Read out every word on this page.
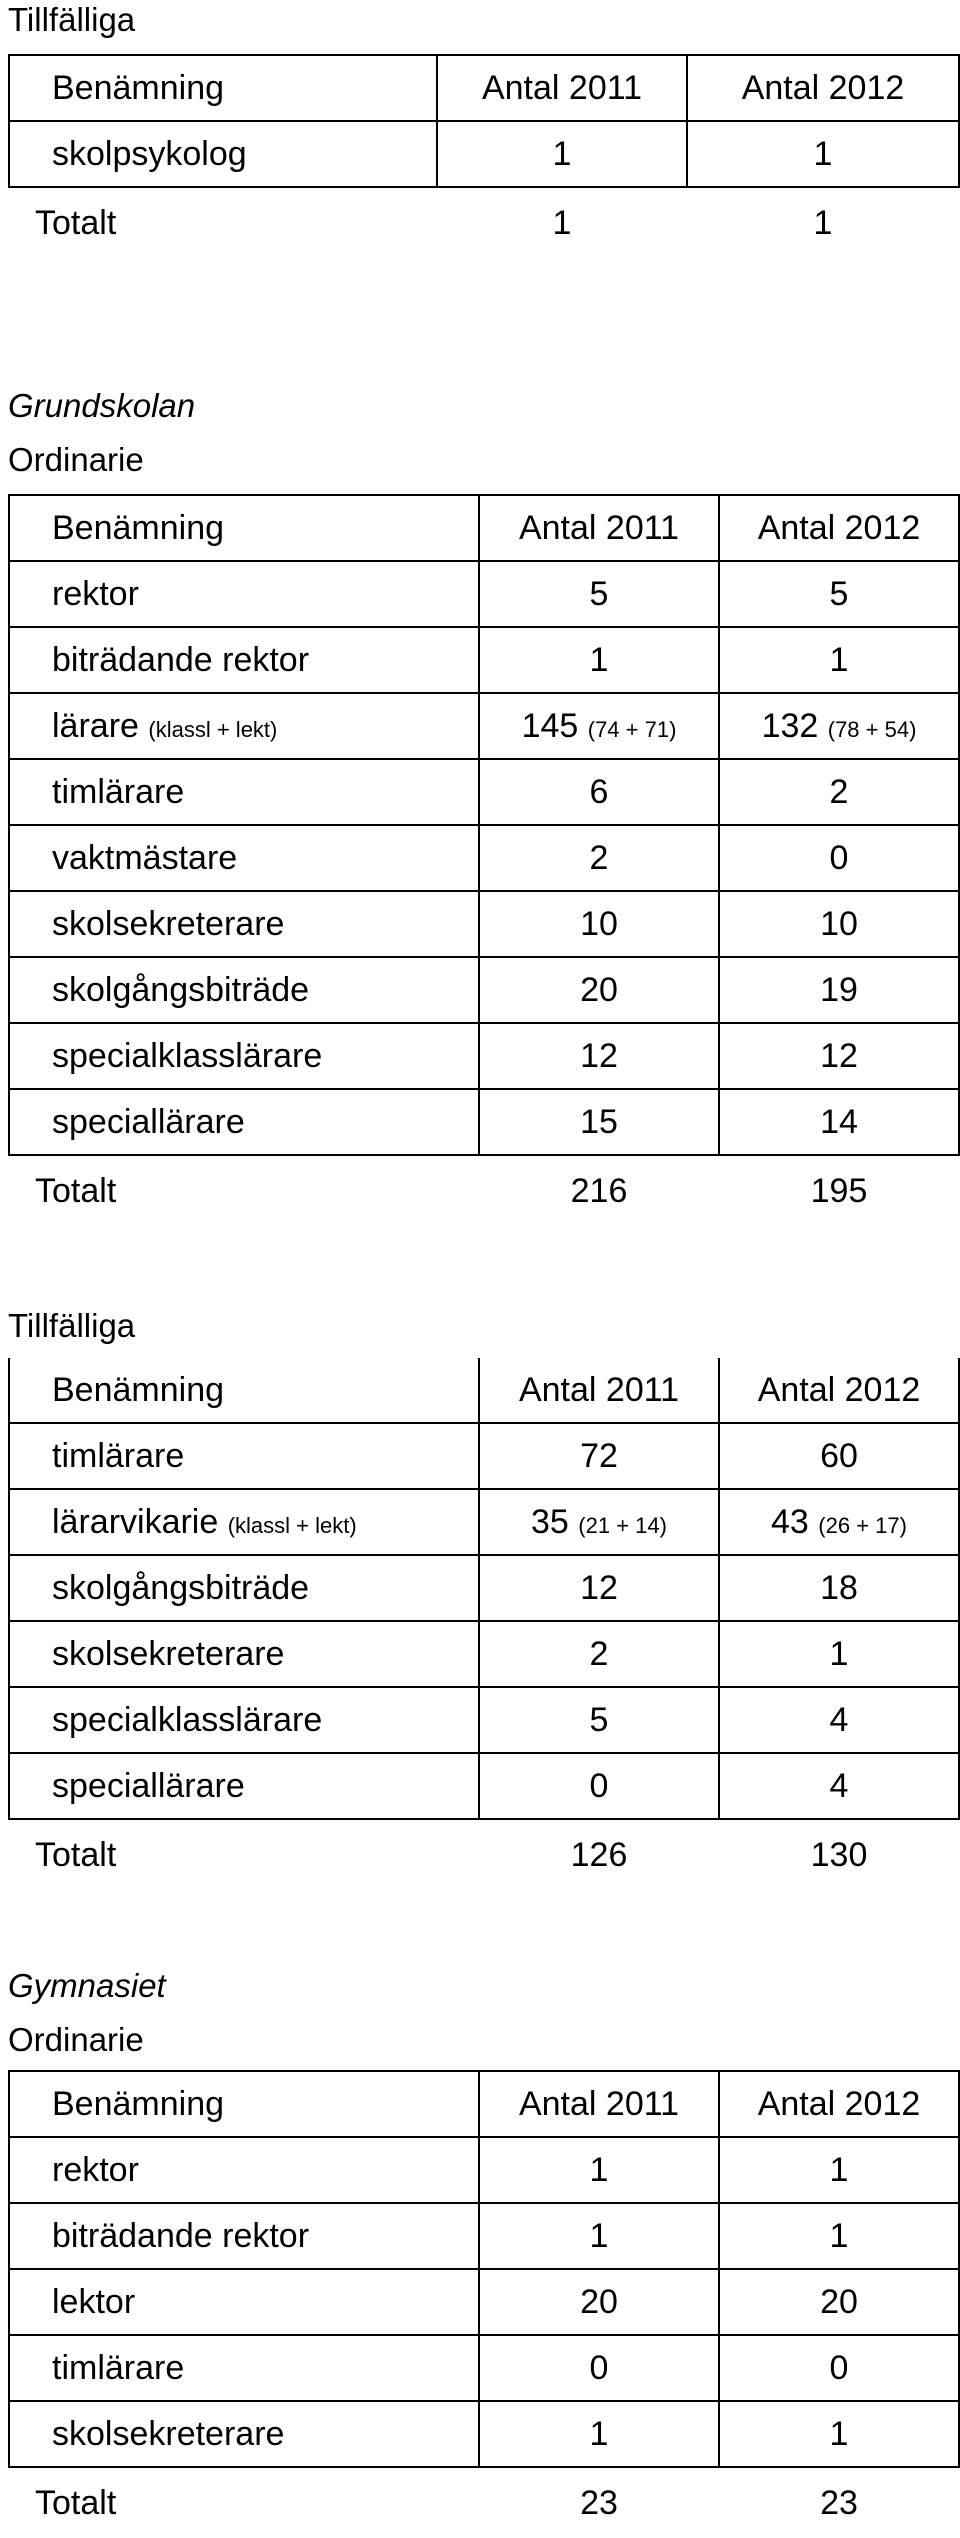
Tillfälliga
Benämning	Antal 2011	Antal 2012
skolpsykolog	1	1
Totalt	1	1
Grundskolan
Ordinarie
Benämning	Antal 2011	Antal 2012
rektor	5	5
biträdande rektor	1	1
lärare (klassl + lekt)	145 (74 + 71)	132 (78 + 54)
timlärare	6	2
vaktmästare	2	0
skolsekreterare	10	10
skolgångsbiträde	20	19
specialklasslärare	12	12
speciallärare	15	14
Totalt	216	195
Tillfälliga
Benämning	Antal 2011	Antal 2012
timlärare	72	60
lärarvikarie (klassl + lekt)	35 (21 + 14)	43 (26 + 17)
skolgångsbiträde	12	18
skolsekreterare	2	1
specialklasslärare	5	4
speciallärare	0	4
Totalt	126	130
Gymnasiet
Ordinarie
Benämning	Antal 2011	Antal 2012
rektor	1	1
biträdande rektor	1	1
lektor	20	20
timlärare	0	0
skolsekreterare	1	1
Totalt	23	23
